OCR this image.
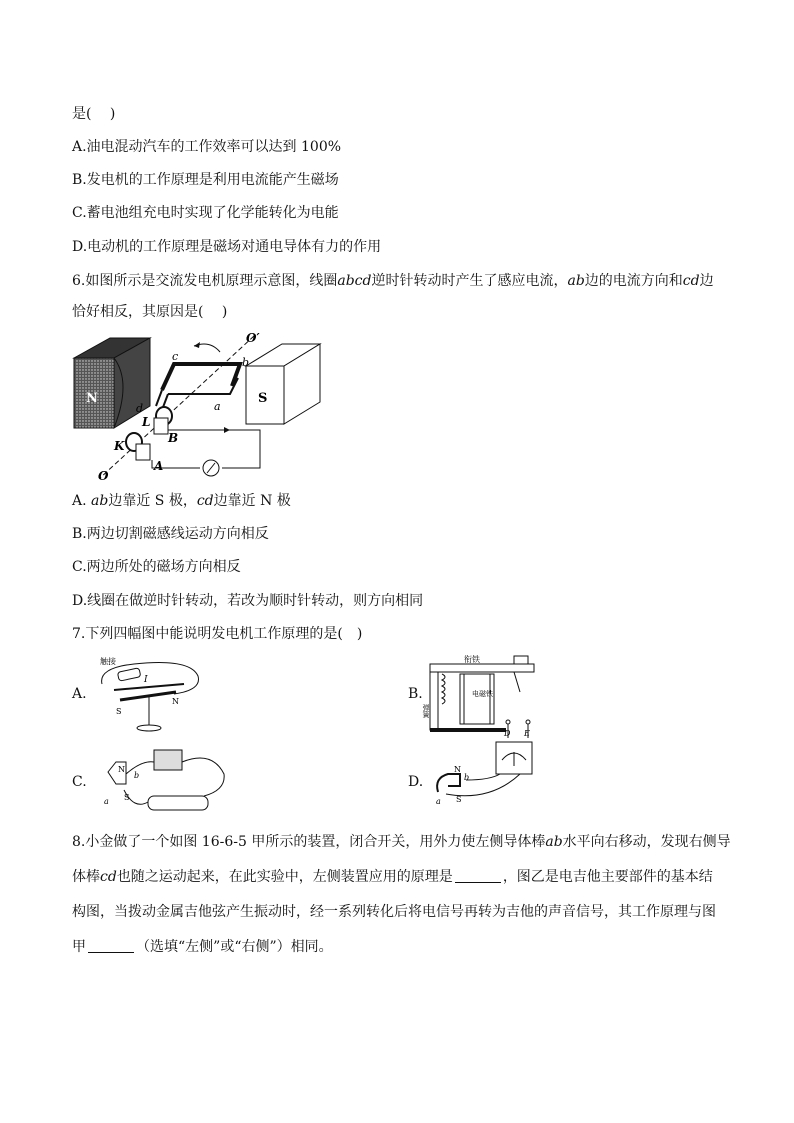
是(　 )
A.油电混动汽车的工作效率可以达到 100%
B.发电机的工作原理是利用电流能产生磁场
C.蓄电池组充电时实现了化学能转化为电能
D.电动机的工作原理是磁场对通电导体有力的作用
6.如图所示是交流发电机原理示意图，线圈abcd逆时针转动时产生了感应电流，ab边的电流方向和cd边
恰好相反，其原因是(　 )
N	S
O′
O
c	b
a
d
L
B
K
A
A. ab边靠近 S 极，cd边靠近 N 极
B.两边切割磁感线运动方向相反
C.两边所处的磁场方向相反
D.线圈在做逆时针转动，若改为顺时针转动，则方向相同
7.下列四幅图中能说明发电机工作原理的是(　)
A.
触接
I
S
N	B.
衔铁
弹簧
电磁铁
D E
C.
N
S
a
b	D.
N
S
a
b
8.小金做了一个如图 16-6-5 甲所示的装置，闭合开关，用外力使左侧导体棒ab水平向右移动，发现右侧导
体棒cd也随之运动起来，在此实验中，左侧装置应用的原理是	，图乙是电吉他主要部件的基本结
构图，当拨动金属吉他弦产生振动时，经一系列转化后将电信号再转为吉他的声音信号，其工作原理与图
甲	（选填“左侧”或“右侧”）相同。
